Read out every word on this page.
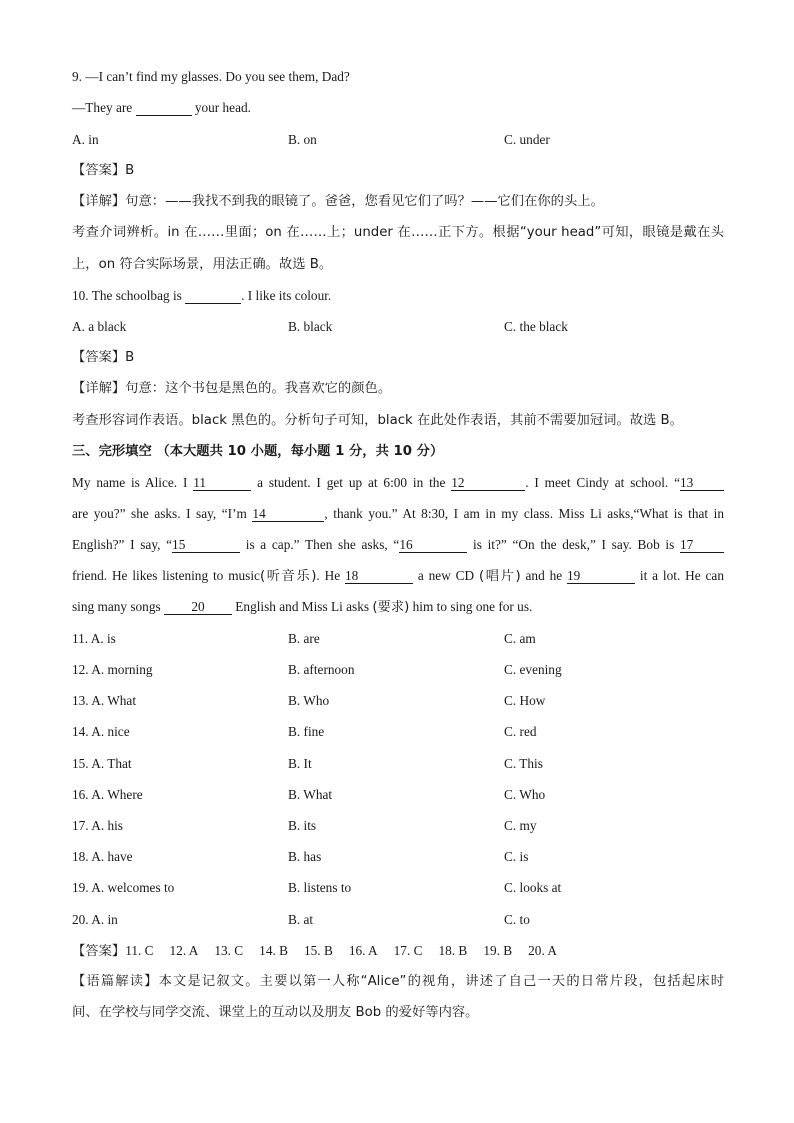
9. —I can’t find my glasses. Do you see them, Dad?
—They are	your head.
A. in	B. on	C. under
【答案】B
【详解】句意：——我找不到我的眼镜了。爸爸，您看见它们了吗？——它们在你的头上。
考查介词辨析。in 在……里面；on 在……上；under 在……正下方。根据“your head”可知，眼镜是戴在头
上，on 符合实际场景，用法正确。故选 B。
10. The schoolbag is	. I like its colour.
A. a black	B. black	C. the black
【答案】B
【详解】句意：这个书包是黑色的。我喜欢它的颜色。
考查形容词作表语。black 黑色的。分析句子可知，black 在此处作表语，其前不需要加冠词。故选 B。
三、完形填空 （本大题共 10 小题，每小题 1 分，共 10 分）
My name is Alice. I 11	a student. I get up at 6:00 in the 12	. I meet Cindy at school. “13
are you?” she asks. I say, “I’m 14	, thank you.” At 8:30, I am in my class. Miss Li asks,“What is that in
English?” I say, “15	is a cap.” Then she asks, “16	is it?” “On the desk,” I say. Bob is 17
friend. He likes listening to music(听音乐). He 18	a new CD (唱片) and he 19	it a lot. He can
sing many songs 20 English and Miss Li asks (要求) him to sing one for us.
11. A. is	B. are	C. am
12. A. morning	B. afternoon	C. evening
13. A. What	B. Who	C. How
14. A. nice	B. fine	C. red
15. A. That	B. It	C. This
16. A. Where	B. What	C. Who
17. A. his	B. its	C. my
18. A. have	B. has	C. is
19. A. welcomes to	B. listens to	C. looks at
20. A. in	B. at	C. to
【答案】11. C 12. A 13. C 14. B 15. B 16. A 17. C 18. B 19. B 20. A
【语篇解读】本文是记叙文。主要以第一人称“Alice”的视角，讲述了自己一天的日常片段，包括起床时
间、在学校与同学交流、课堂上的互动以及朋友 Bob 的爱好等内容。
